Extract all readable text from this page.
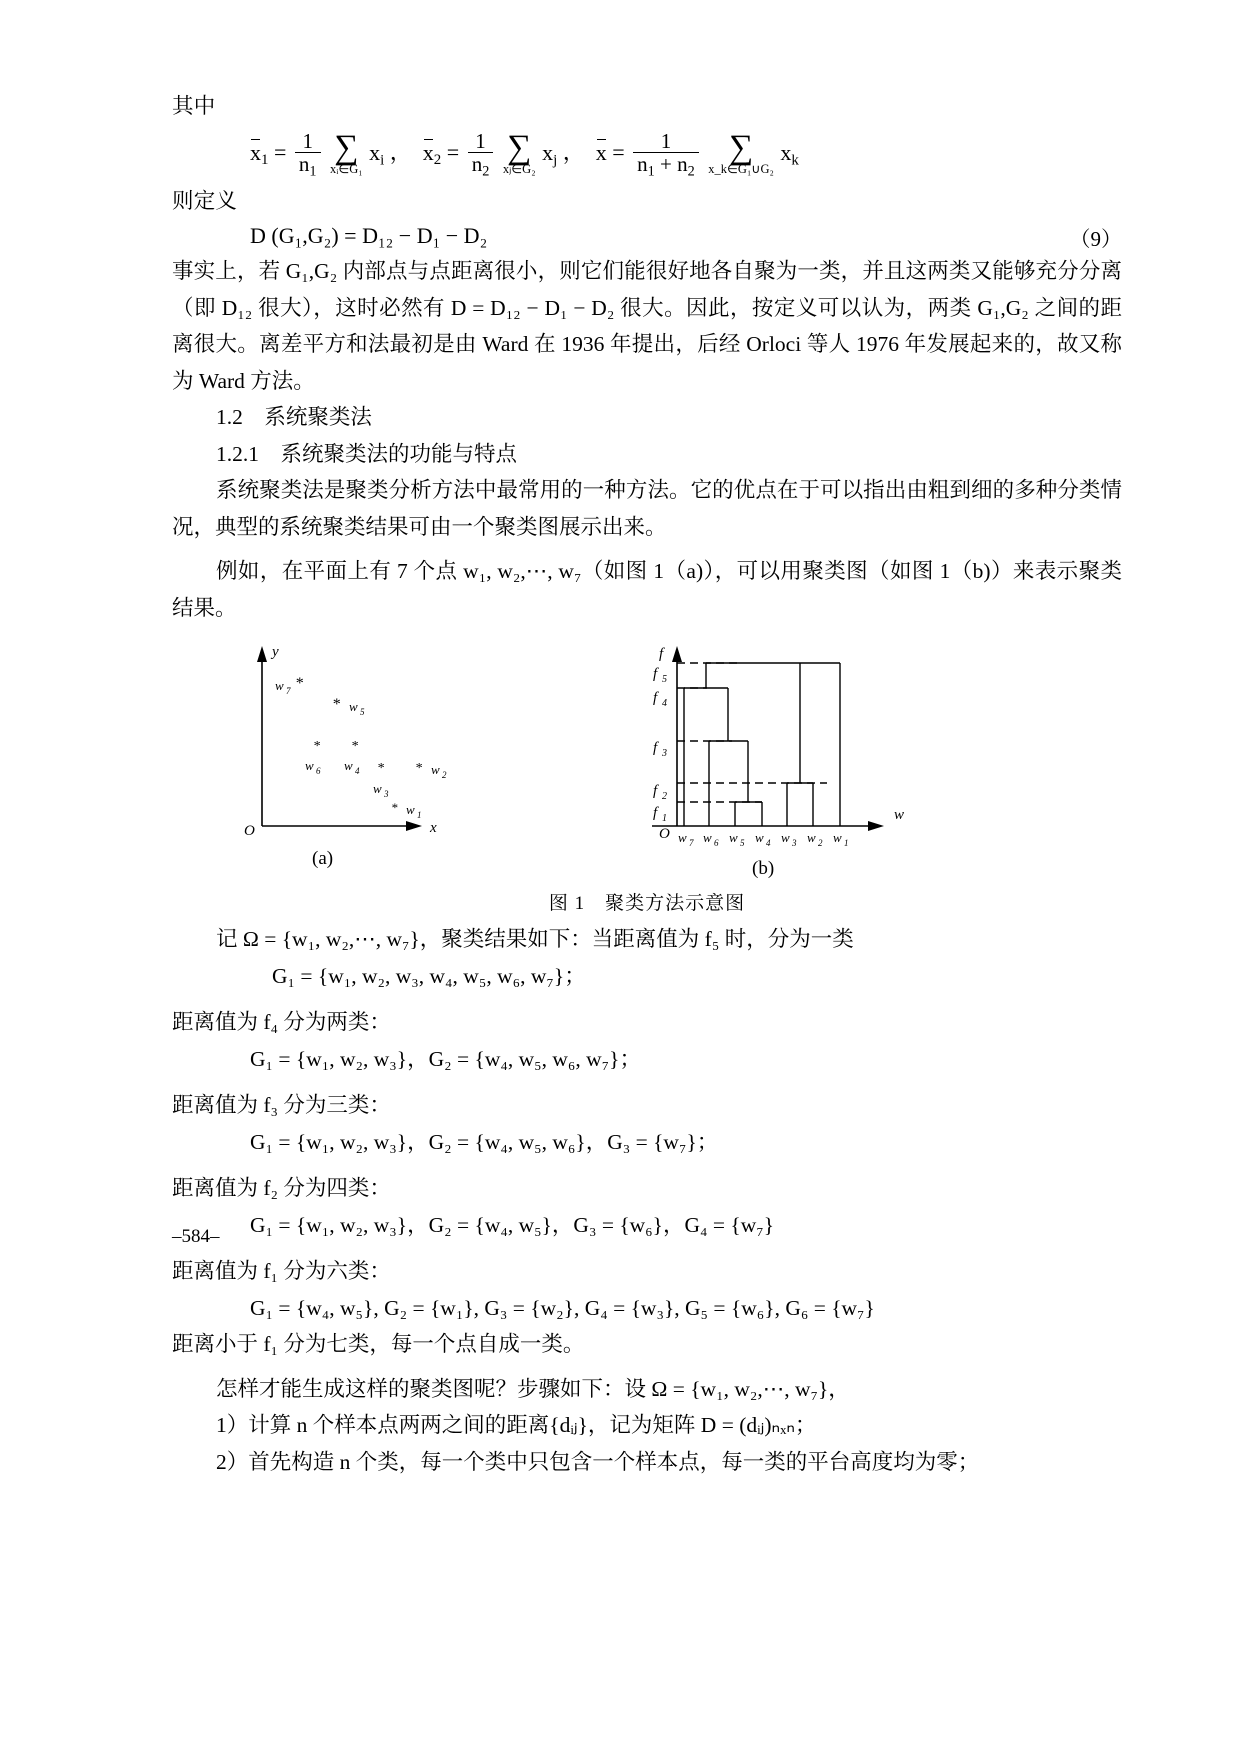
其中
$x_1 = \frac{1}{n_1}$
∑
xᵢ∈G₁
$x_i$ ，  $x_2 = \frac{1}{n_2}$
∑
xⱼ∈G₂
$x_j$ ，  $x = \frac{1}{n_1 + n_2}$
∑
x_k∈G₁∪G₂
$x_k$
则定义
D (G₁,G₂) = D₁₂ − D₁ − D₂	（9）
事实上，若 G₁,G₂ 内部点与点距离很小，则它们能很好地各自聚为一类，并且这两类又能够充分分离（即 D₁₂ 很大），这时必然有 D = D₁₂ − D₁ − D₂ 很大。因此，按定义可以认为，两类 G₁,G₂ 之间的距离很大。离差平方和法最初是由 Ward 在 1936 年提出，后经 Orloci 等人 1976 年发展起来的，故又称为 Ward 方法。
1.2　系统聚类法
1.2.1　系统聚类法的功能与特点
系统聚类法是聚类分析方法中最常用的一种方法。它的优点在于可以指出由粗到细的多种分类情况，典型的系统聚类结果可由一个聚类图展示出来。
例如，在平面上有 7 个点 w₁, w₂,⋯, w₇（如图 1（a)），可以用聚类图（如图 1（b)）来表示聚类结果。
y
x
O
*
w 7
* w 5
*
w 6
*
w 4 *
w 3
* w 2
* w 1
f
w
O
f 1
f 2
f 3
f 4
f 5
w 7 w 6 w 5 w 4 w 3 w 2 w 1
(a)	(b)
图 1　聚类方法示意图
记 Ω = {w₁, w₂,⋯, w₇}，聚类结果如下：当距离值为 f₅ 时，分为一类
G₁ = {w₁, w₂, w₃, w₄, w₅, w₆, w₇}；
距离值为 f₄ 分为两类：
G₁ = {w₁, w₂, w₃}，G₂ = {w₄, w₅, w₆, w₇}；
距离值为 f₃ 分为三类：
G₁ = {w₁, w₂, w₃}，G₂ = {w₄, w₅, w₆}，G₃ = {w₇}；
距离值为 f₂ 分为四类：
G₁ = {w₁, w₂, w₃}，G₂ = {w₄, w₅}，G₃ = {w₆}，G₄ = {w₇}
距离值为 f₁ 分为六类：
G₁ = {w₄, w₅}, G₂ = {w₁}, G₃ = {w₂}, G₄ = {w₃}, G₅ = {w₆}, G₆ = {w₇}
距离小于 f₁ 分为七类，每一个点自成一类。
怎样才能生成这样的聚类图呢？步骤如下：设 Ω = {w₁, w₂,⋯, w₇}，
1）计算 n 个样本点两两之间的距离{dᵢⱼ}，记为矩阵 D = (dᵢⱼ)ₙₓₙ；
2）首先构造 n 个类，每一个类中只包含一个样本点，每一类的平台高度均为零；
–584–
